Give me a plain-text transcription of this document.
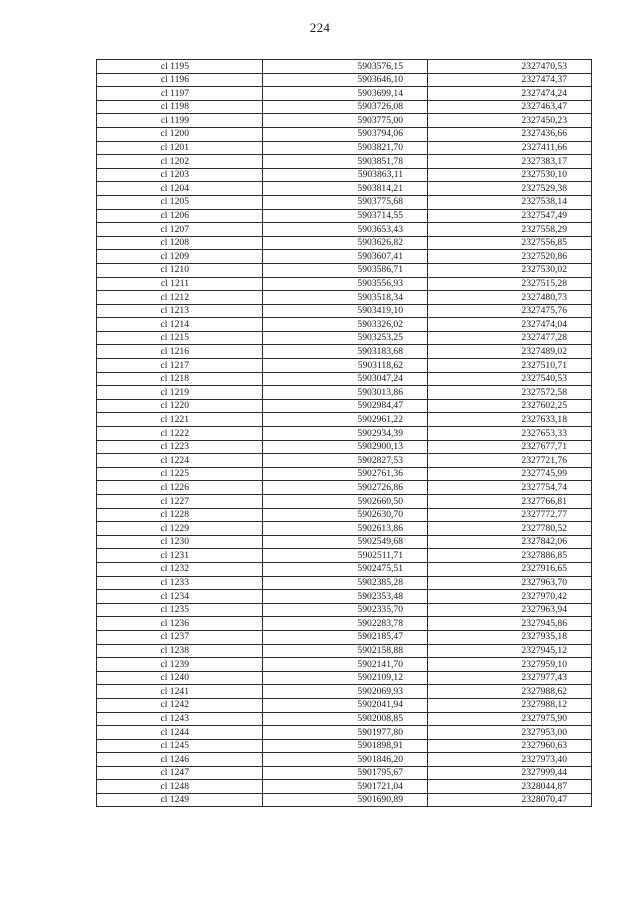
224
cl 1195	5903576,15	2327470,53
cl 1196	5903646,10	2327474,37
cl 1197	5903699,14	2327474,24
cl 1198	5903726,08	2327463,47
cl 1199	5903775,00	2327450,23
cl 1200	5903794,06	2327436,66
cl 1201	5903821,70	2327411,66
cl 1202	5903851,78	2327383,17
cl 1203	5903863,11	2327530,10
cl 1204	5903814,21	2327529,38
cl 1205	5903775,68	2327538,14
cl 1206	5903714,55	2327547,49
cl 1207	5903653,43	2327558,29
cl 1208	5903626,82	2327556,85
cl 1209	5903607,41	2327520,86
cl 1210	5903586,71	2327530,02
cl 1211	5903556,93	2327515,28
cl 1212	5903518,34	2327480,73
cl 1213	5903419,10	2327475,76
cl 1214	5903326,02	2327474,04
cl 1215	5903253,25	2327477,28
cl 1216	5903183,68	2327489,02
cl 1217	5903118,62	2327510,71
cl 1218	5903047,24	2327540,53
cl 1219	5903013,86	2327572,58
cl 1220	5902984,47	2327602,25
cl 1221	5902961,22	2327633,18
cl 1222	5902934,39	2327653,33
cl 1223	5902900,13	2327677,71
cl 1224	5902827,53	2327721,76
cl 1225	5902761,36	2327745,99
cl 1226	5902726,86	2327754,74
cl 1227	5902660,50	2327766,81
cl 1228	5902630,70	2327772,77
cl 1229	5902613,86	2327780,52
cl 1230	5902549,68	2327842,06
cl 1231	5902511,71	2327886,85
cl 1232	5902475,51	2327916,65
cl 1233	5902385,28	2327963,70
cl 1234	5902353,48	2327970,42
cl 1235	5902335,70	2327963,94
cl 1236	5902283,78	2327945,86
cl 1237	5902185,47	2327935,18
cl 1238	5902158,88	2327945,12
cl 1239	5902141,70	2327959,10
cl 1240	5902109,12	2327977,43
cl 1241	5902069,93	2327988,62
cl 1242	5902041,94	2327988,12
cl 1243	5902008,85	2327975,90
cl 1244	5901977,80	2327953,00
cl 1245	5901898,91	2327960,63
cl 1246	5901846,20	2327973,40
cl 1247	5901795,67	2327999,44
cl 1248	5901721,04	2328044,87
cl 1249	5901690,89	2328070,47
